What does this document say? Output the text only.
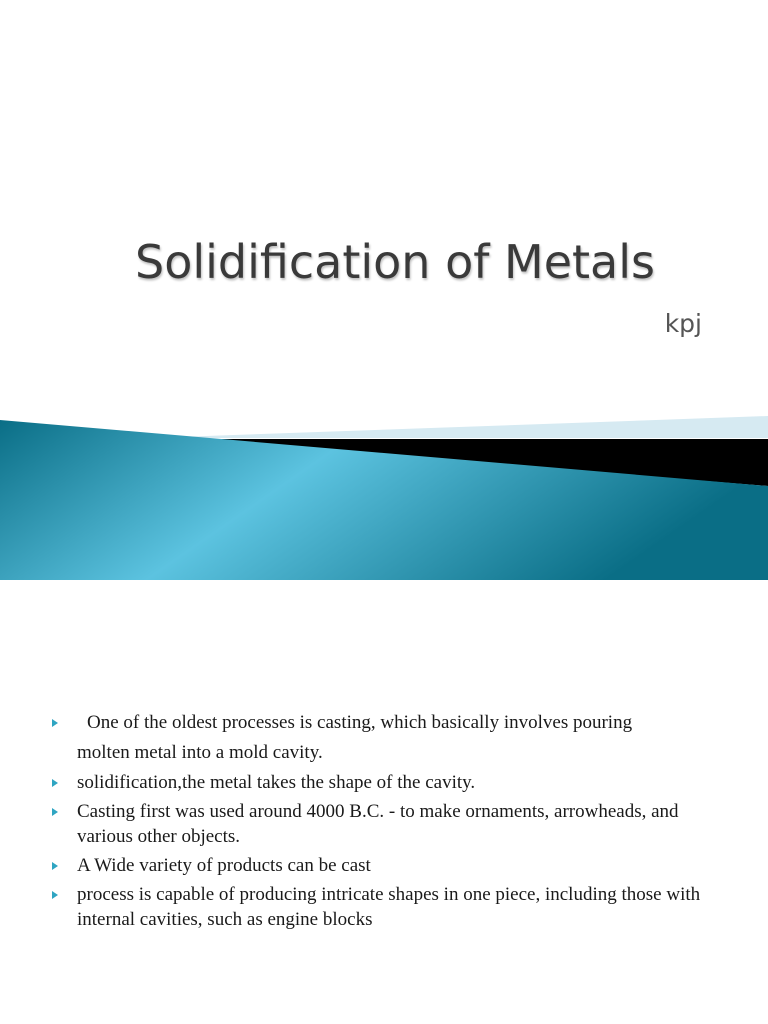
Solidification of Metals
kpj
One of the oldest processes is casting, which basically involves pouring
molten metal into a mold cavity.
solidification,the metal takes the shape of the cavity.
Casting first was used around 4000 B.C. - to make ornaments, arrowheads, and various other objects.
A Wide variety of products can be cast
process is capable of producing intricate shapes in one piece, including those with internal cavities, such as engine blocks
